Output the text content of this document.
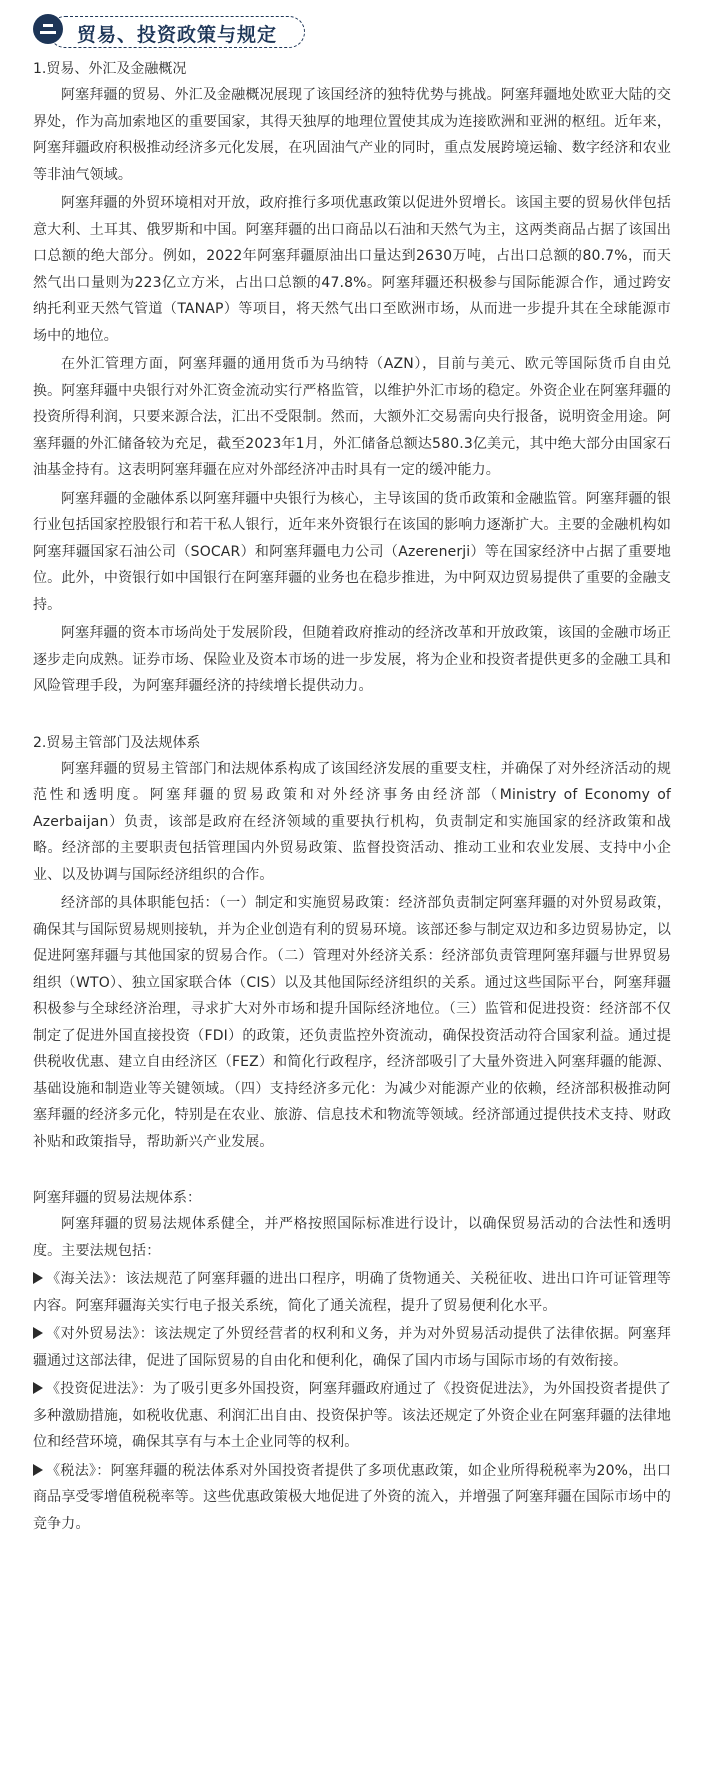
贸易、投资政策与规定

1.贸易、外汇及金融概况

阿塞拜疆的贸易、外汇及金融概况展现了该国经济的独特优势与挑战。阿塞拜疆地处欧亚大陆的交界处，作为高加索地区的重要国家，其得天独厚的地理位置使其成为连接欧洲和亚洲的枢纽。近年来，阿塞拜疆政府积极推动经济多元化发展，在巩固油气产业的同时，重点发展跨境运输、数字经济和农业等非油气领域。

阿塞拜疆的外贸环境相对开放，政府推行多项优惠政策以促进外贸增长。该国主要的贸易伙伴包括意大利、土耳其、俄罗斯和中国。阿塞拜疆的出口商品以石油和天然气为主，这两类商品占据了该国出口总额的绝大部分。例如，2022年阿塞拜疆原油出口量达到2630万吨，占出口总额的80.7%，而天然气出口量则为223亿立方米，占出口总额的47.8%。阿塞拜疆还积极参与国际能源合作，通过跨安纳托利亚天然气管道（TANAP）等项目，将天然气出口至欧洲市场，从而进一步提升其在全球能源市场中的地位。

在外汇管理方面，阿塞拜疆的通用货币为马纳特（AZN），目前与美元、欧元等国际货币自由兑换。阿塞拜疆中央银行对外汇资金流动实行严格监管，以维护外汇市场的稳定。外资企业在阿塞拜疆的投资所得利润，只要来源合法，汇出不受限制。然而，大额外汇交易需向央行报备，说明资金用途。阿塞拜疆的外汇储备较为充足，截至2023年1月，外汇储备总额达580.3亿美元，其中绝大部分由国家石油基金持有。这表明阿塞拜疆在应对外部经济冲击时具有一定的缓冲能力。

阿塞拜疆的金融体系以阿塞拜疆中央银行为核心，主导该国的货币政策和金融监管。阿塞拜疆的银行业包括国家控股银行和若干私人银行，近年来外资银行在该国的影响力逐渐扩大。主要的金融机构如阿塞拜疆国家石油公司（SOCAR）和阿塞拜疆电力公司（Azerenerji）等在国家经济中占据了重要地位。此外，中资银行如中国银行在阿塞拜疆的业务也在稳步推进，为中阿双边贸易提供了重要的金融支持。

阿塞拜疆的资本市场尚处于发展阶段，但随着政府推动的经济改革和开放政策，该国的金融市场正逐步走向成熟。证券市场、保险业及资本市场的进一步发展，将为企业和投资者提供更多的金融工具和风险管理手段，为阿塞拜疆经济的持续增长提供动力。

2.贸易主管部门及法规体系

阿塞拜疆的贸易主管部门和法规体系构成了该国经济发展的重要支柱，并确保了对外经济活动的规范性和透明度。阿塞拜疆的贸易政策和对外经济事务由经济部（Ministry of Economy of Azerbaijan）负责，该部是政府在经济领域的重要执行机构，负责制定和实施国家的经济政策和战略。经济部的主要职责包括管理国内外贸易政策、监督投资活动、推动工业和农业发展、支持中小企业、以及协调与国际经济组织的合作。

经济部的具体职能包括：（一）制定和实施贸易政策：经济部负责制定阿塞拜疆的对外贸易政策，确保其与国际贸易规则接轨，并为企业创造有利的贸易环境。该部还参与制定双边和多边贸易协定，以促进阿塞拜疆与其他国家的贸易合作。（二）管理对外经济关系：经济部负责管理阿塞拜疆与世界贸易组织（WTO）、独立国家联合体（CIS）以及其他国际经济组织的关系。通过这些国际平台，阿塞拜疆积极参与全球经济治理，寻求扩大对外市场和提升国际经济地位。（三）监管和促进投资：经济部不仅制定了促进外国直接投资（FDI）的政策，还负责监控外资流动，确保投资活动符合国家利益。通过提供税收优惠、建立自由经济区（FEZ）和简化行政程序，经济部吸引了大量外资进入阿塞拜疆的能源、基础设施和制造业等关键领域。（四）支持经济多元化：为减少对能源产业的依赖，经济部积极推动阿塞拜疆的经济多元化，特别是在农业、旅游、信息技术和物流等领域。经济部通过提供技术支持、财政补贴和政策指导，帮助新兴产业发展。

阿塞拜疆的贸易法规体系：

阿塞拜疆的贸易法规体系健全，并严格按照国际标准进行设计，以确保贸易活动的合法性和透明度。主要法规包括：

《海关法》：该法规范了阿塞拜疆的进出口程序，明确了货物通关、关税征收、进出口许可证管理等内容。阿塞拜疆海关实行电子报关系统，简化了通关流程，提升了贸易便利化水平。

《对外贸易法》：该法规定了外贸经营者的权利和义务，并为对外贸易活动提供了法律依据。阿塞拜疆通过这部法律，促进了国际贸易的自由化和便利化，确保了国内市场与国际市场的有效衔接。

《投资促进法》：为了吸引更多外国投资，阿塞拜疆政府通过了《投资促进法》，为外国投资者提供了多种激励措施，如税收优惠、利润汇出自由、投资保护等。该法还规定了外资企业在阿塞拜疆的法律地位和经营环境，确保其享有与本土企业同等的权利。

《税法》：阿塞拜疆的税法体系对外国投资者提供了多项优惠政策，如企业所得税税率为20%，出口商品享受零增值税税率等。这些优惠政策极大地促进了外资的流入，并增强了阿塞拜疆在国际市场中的竞争力。
